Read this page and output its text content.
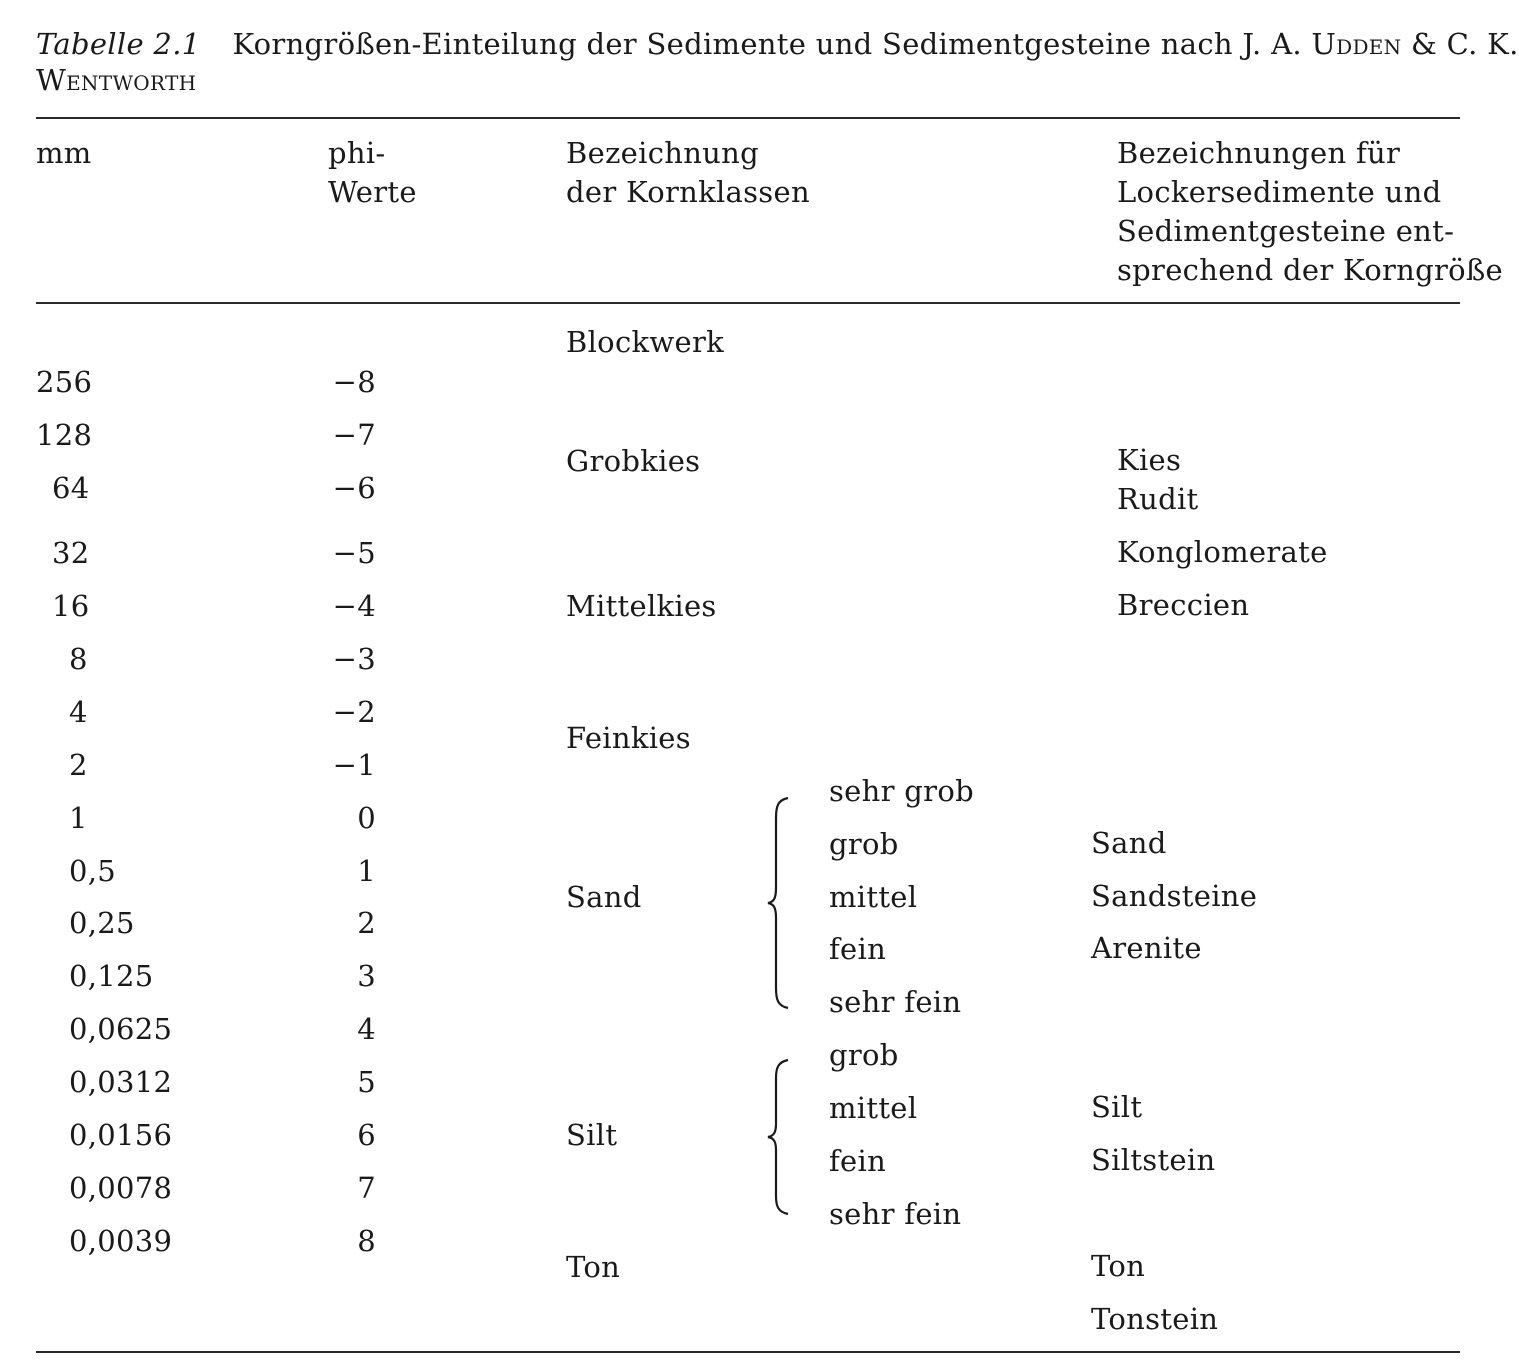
Tabelle 2.1 Korngrößen-Einteilung der Sedimente und Sedimentgesteine nach J. A. Udden & C. K.
Wentworth
mm	phi-
Werte
Bezeichnung
der Kornklassen
Bezeichnungen für
Lockersedimente und
Sedimentgesteine ent-
sprechend der Korngröße
256
128
64
32
16
8
4
2
1
0,5
0,25
0,125
0,0625
0,0312
0,0156
0,0078
0,0039
−8
−7
−6
−5
−4
−3
−2
−1
0
1
2
3
4
5
6
7
8
Blockwerk
Grobkies
Mittelkies
Feinkies
Sand
Silt
Ton
sehr grob
grob
mittel
fein
sehr fein
grob
mittel
fein
sehr fein
Kies
Rudit
Konglomerate
Breccien
Sand
Sandsteine
Arenite
Silt
Siltstein
Ton
Tonstein
